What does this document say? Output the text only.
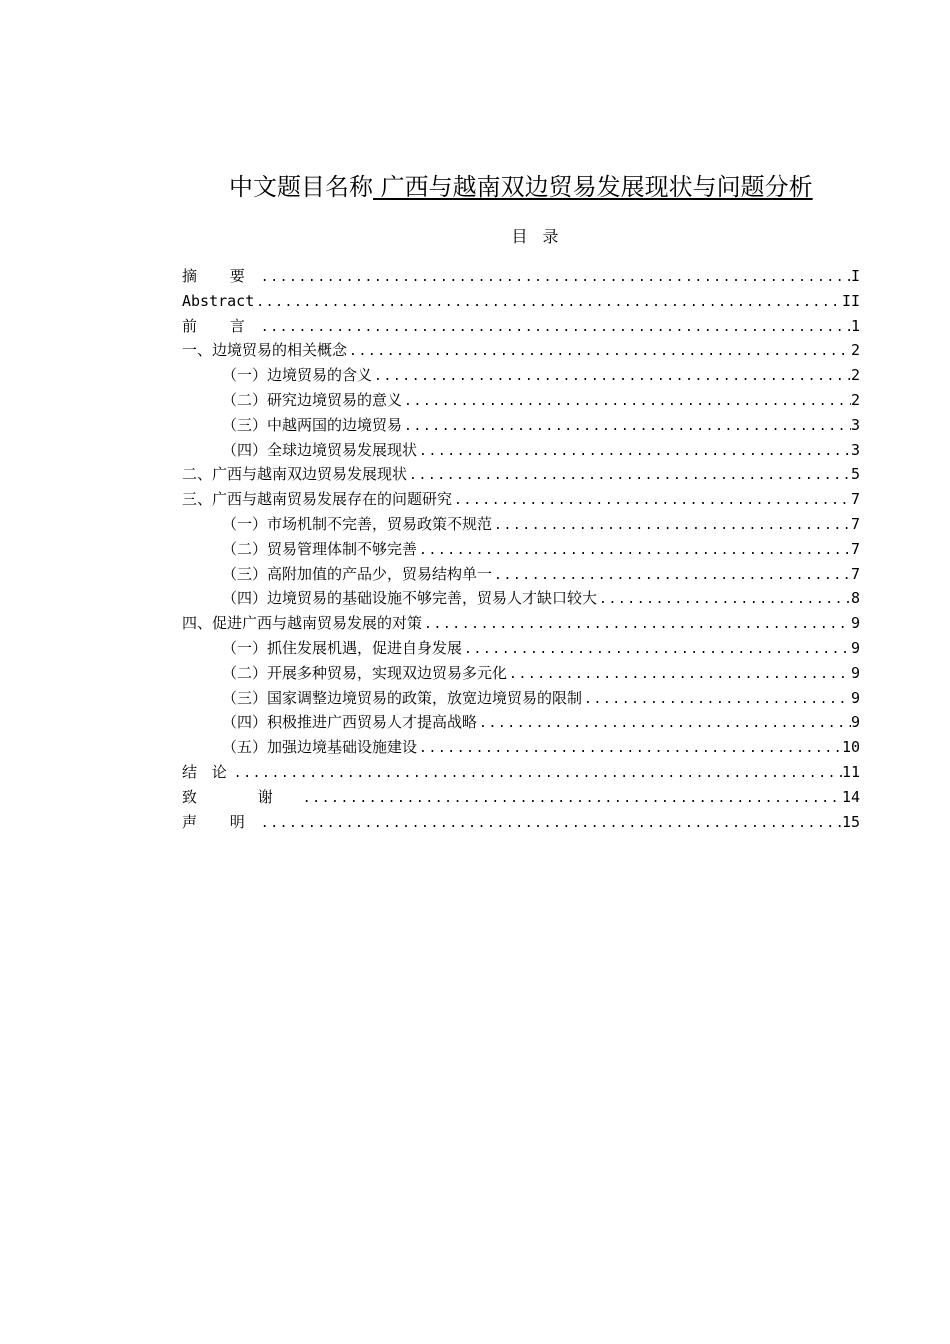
中文题目名称 广西与越南双边贸易发展现状与问题分析
目 录
摘 要 .....	I
Abstract .....	II
前 言 .....	1
一、边境贸易的相关概念 .....	2
（一）边境贸易的含义 .....	2
（二）研究边境贸易的意义 .....	2
（三）中越两国的边境贸易 .....	3
（四）全球边境贸易发展现状 .....	3
二、广西与越南双边贸易发展现状 .....	5
三、广西与越南贸易发展存在的问题研究 .....	7
（一）市场机制不完善，贸易政策不规范 .....	7
（二）贸易管理体制不够完善 .....	7
（三）高附加值的产品少，贸易结构单一 .....	7
（四）边境贸易的基础设施不够完善，贸易人才缺口较大 .....	8
四、促进广西与越南贸易发展的对策 .....	9
（一）抓住发展机遇，促进自身发展 .....	9
（二）开展多种贸易，实现双边贸易多元化 .....	9
（三）国家调整边境贸易的政策，放宽边境贸易的限制 .....	9
（四）积极推进广西贸易人才提高战略 .....	9
（五）加强边境基础设施建设 .....	10
结 论 .....	11
致 谢 .....	14
声 明 .....	15
